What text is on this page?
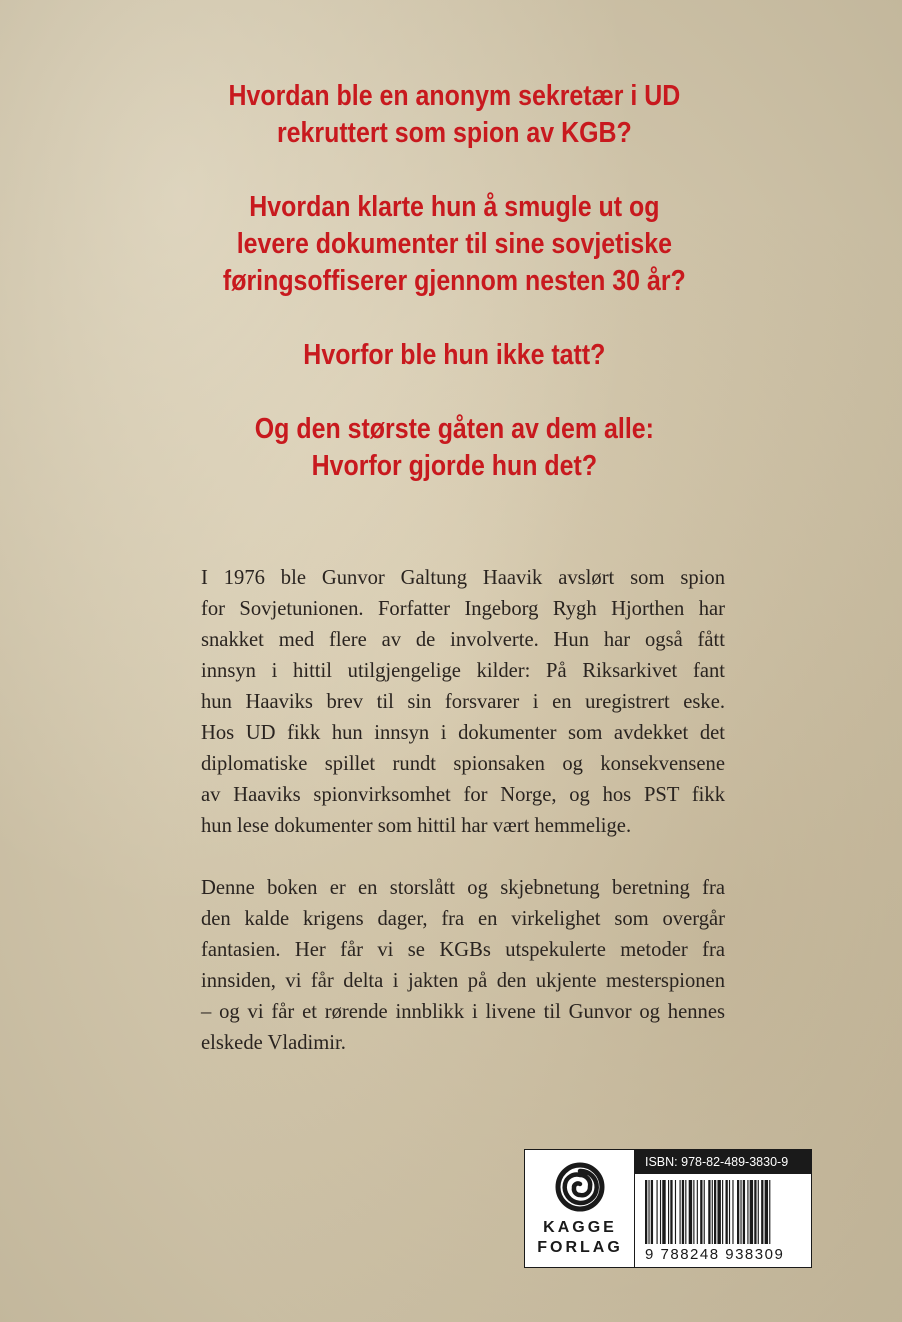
Hvordan ble en anonym sekretær i UD
rekruttert som spion av KGB?
Hvordan klarte hun å smugle ut og
levere dokumenter til sine sovjetiske
føringsoffiserer gjennom nesten 30 år?
Hvorfor ble hun ikke tatt?
Og den største gåten av dem alle:
Hvorfor gjorde hun det?
I 1976 ble Gunvor Galtung Haavik avslørt som spion
for Sovjetunionen. Forfatter Ingeborg Rygh Hjorthen har
snakket med flere av de involverte. Hun har også fått
innsyn i hittil utilgjengelige kilder: På Riksarkivet fant
hun Haaviks brev til sin forsvarer i en uregistrert eske.
Hos UD fikk hun innsyn i dokumenter som avdekket det
diplomatiske spillet rundt spionsaken og konsekvensene
av Haaviks spionvirksomhet for Norge, og hos PST fikk
hun lese dokumenter som hittil har vært hemmelige.
Denne boken er en storslått og skjebnetung beretning fra
den kalde krigens dager, fra en virkelighet som overgår
fantasien. Her får vi se KGBs utspekulerte metoder fra
innsiden, vi får delta i jakten på den ukjente mesterspionen
– og vi får et rørende innblikk i livene til Gunvor og hennes
elskede Vladimir.
KAGGE
FORLAG
ISBN: 978-82-489-3830-9
9 788248 938309
